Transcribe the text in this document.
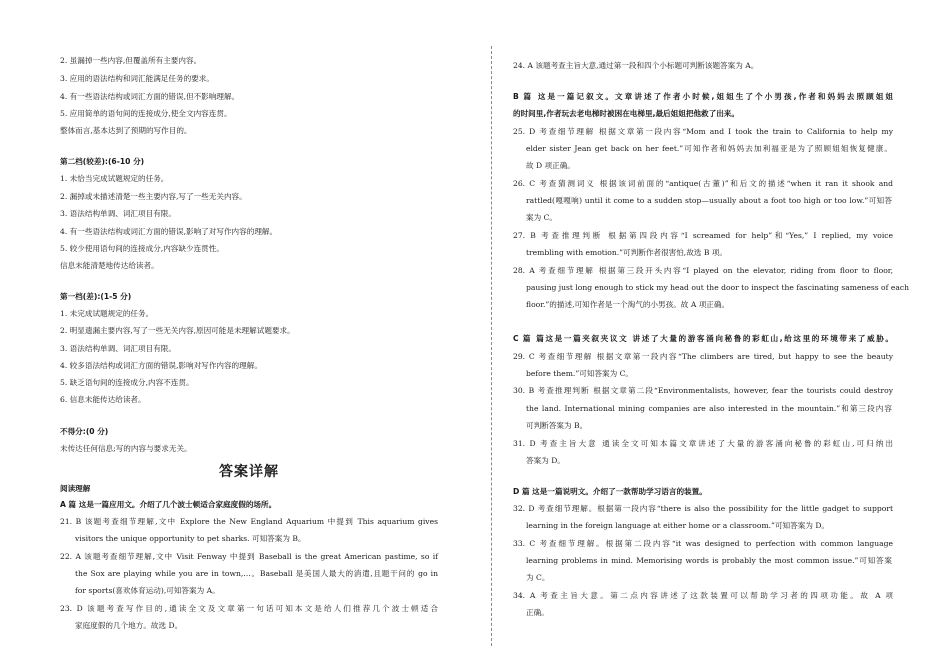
2. 虽漏掉一些内容,但覆盖所有主要内容。
3. 应用的语法结构和词汇能满足任务的要求。
4. 有一些语法结构或词汇方面的错误,但不影响理解。
5. 应用简单的语句间的连接成分,使全文内容连贯。
整体而言,基本达到了预期的写作目的。
第二档(较差):(6-10 分)
1. 未恰当完成试题规定的任务。
2. 漏掉或未描述清楚一些主要内容,写了一些无关内容。
3. 语法结构单调、词汇项目有限。
4. 有一些语法结构或词汇方面的错误,影响了对写作内容的理解。
5. 较少使用语句间的连接成分,内容缺少连贯性。
信息未能清楚地传达给读者。
第一档(差):(1-5 分)
1. 未完成试题规定的任务。
2. 明显遗漏主要内容,写了一些无关内容,原因可能是未理解试题要求。
3. 语法结构单调、词汇项目有限。
4. 较多语法结构或词汇方面的错误,影响对写作内容的理解。
5. 缺乏语句间的连接成分,内容不连贯。
6. 信息未能传达给读者。
不得分:(0 分)
未传达任何信息;写的内容与要求无关。
答案详解
阅读理解
A 篇 这是一篇应用文。介绍了几个波士顿适合家庭度假的场所。
21. B 该题考查细节理解,文中 Explore the New England Aquarium 中提到 This aquarium gives
visitors the unique opportunity to pet sharks. 可知答案为 B。
22. A 该题考查细节理解,文中 Visit Fenway 中提到 Baseball is the great American pastime, so if
the Sox are playing while you are in town,…。Baseball 是美国人最大的消遣,且题干问的 go in
for sports(喜欢体育运动),可知答案为 A。
23. D 该题考查写作目的,通读全文及文章第一句话可知本文是给人们推荐几个波士顿适合
家庭度假的几个地方。故选 D。
24. A 该题考查主旨大意,通过第一段和四个小标题可判断该题答案为 A。
B 篇 这是一篇记叙文。文章讲述了作者小时候,姐姐生了个小男孩,作者和妈妈去照顾姐姐
的时间里,作者玩去老电梯时被困在电梯里,最后姐姐把他救了出来。
25. D 考查细节理解 根据文章第一段内容“Mom and I took the train to California to help my
elder sister Jean get back on her feet.”可知作者和妈妈去加利福亚是为了照顾姐姐恢复健康。
故 D 项正确。
26. C 考查猜测词义 根据该词前面的“antique(古董)”和后文的描述“when it ran it shook and
rattled(嘎嘎响) until it come to a sudden stop—usually about a foot too high or too low.”可知答
案为 C。
27. B 考查推理判断 根据第四段内容“I screamed for help”和“Yes,” I replied, my voice
trembling with emotion.”可判断作者很害怕,故选 B 项。
28. A 考查细节理解 根据第三段开头内容“I played on the elevator, riding from floor to floor,
pausing just long enough to stick my head out the door to inspect the fascinating sameness of each
floor.”的描述,可知作者是一个淘气的小男孩。故 A 项正确。
C 篇 篇这是一篇夹叙夹议文 讲述了大量的游客涌向秘鲁的彩虹山,给这里的环境带来了威胁。
29. C 考查细节理解 根据文章第一段内容“The climbers are tired, but happy to see the beauty
before them.”可知答案为 C。
30. B 考查推理判断 根据文章第二段“Environmentalists, however, fear the tourists could destroy
the land. International mining companies are also interested in the mountain.”和第三段内容
可判断答案为 B。
31. D 考查主旨大意 通读全文可知本篇文章讲述了大量的游客涌向秘鲁的彩虹山,可归纳出
答案为 D。
D 篇 这是一篇说明文。介绍了一款帮助学习语言的装置。
32. D 考查细节理解。根据第一段内容“there is also the possibility for the little gadget to support
learning in the foreign language at either home or a classroom.”可知答案为 D。
33. C 考查细节理解。根据第二段内容“it was designed to perfection with common language
learning problems in mind. Memorising words is probably the most common issue.”可知答案
为 C。
34. A 考查主旨大意。第二点内容讲述了这款装置可以帮助学习者的四项功能。故 A 项
正确。
